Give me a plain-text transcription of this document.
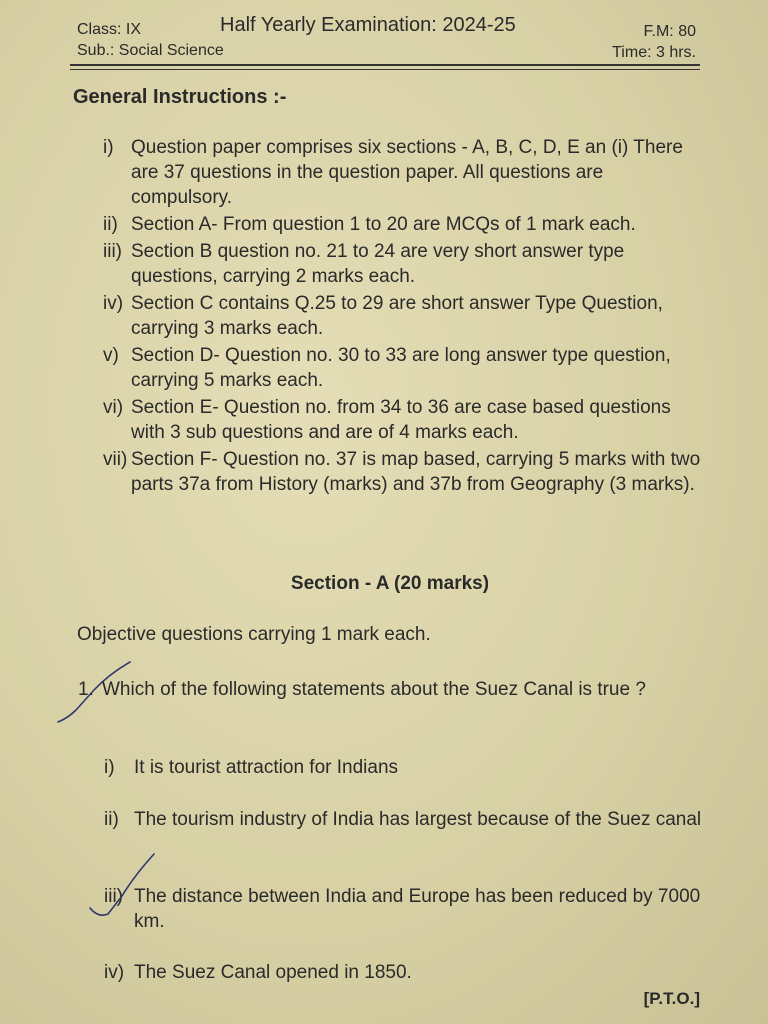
Class: IX
Sub.: Social Science
Half Yearly Examination: 2024-25	F.M: 80
Time: 3 hrs.
General Instructions :-
i) Question paper comprises six sections - A, B, C, D, E an (i) There are 37 questions in the question paper. All questions are compulsory.
ii) Section A- From question 1 to 20 are MCQs of 1 mark each.
iii) Section B question no. 21 to 24 are very short answer type questions, carrying 2 marks each.
iv) Section C contains Q.25 to 29 are short answer Type Question, carrying 3 marks each.
v) Section D- Question no. 30 to 33 are long answer type question, carrying 5 marks each.
vi) Section E- Question no. from 34 to 36 are case based questions with 3 sub questions and are of 4 marks each.
vii) Section F- Question no. 37 is map based, carrying 5 marks with two parts 37a from History (marks) and 37b from Geography (3 marks).
Section - A (20 marks)
Objective questions carrying 1 mark each.
1. Which of the following statements about the Suez Canal is true ?
i)	It is tourist attraction for Indians
ii) The tourism industry of India has largest because of the Suez canal
iii) The distance between India and Europe has been reduced by 7000 km.
iv) The Suez Canal opened in 1850.
[P.T.O.]
